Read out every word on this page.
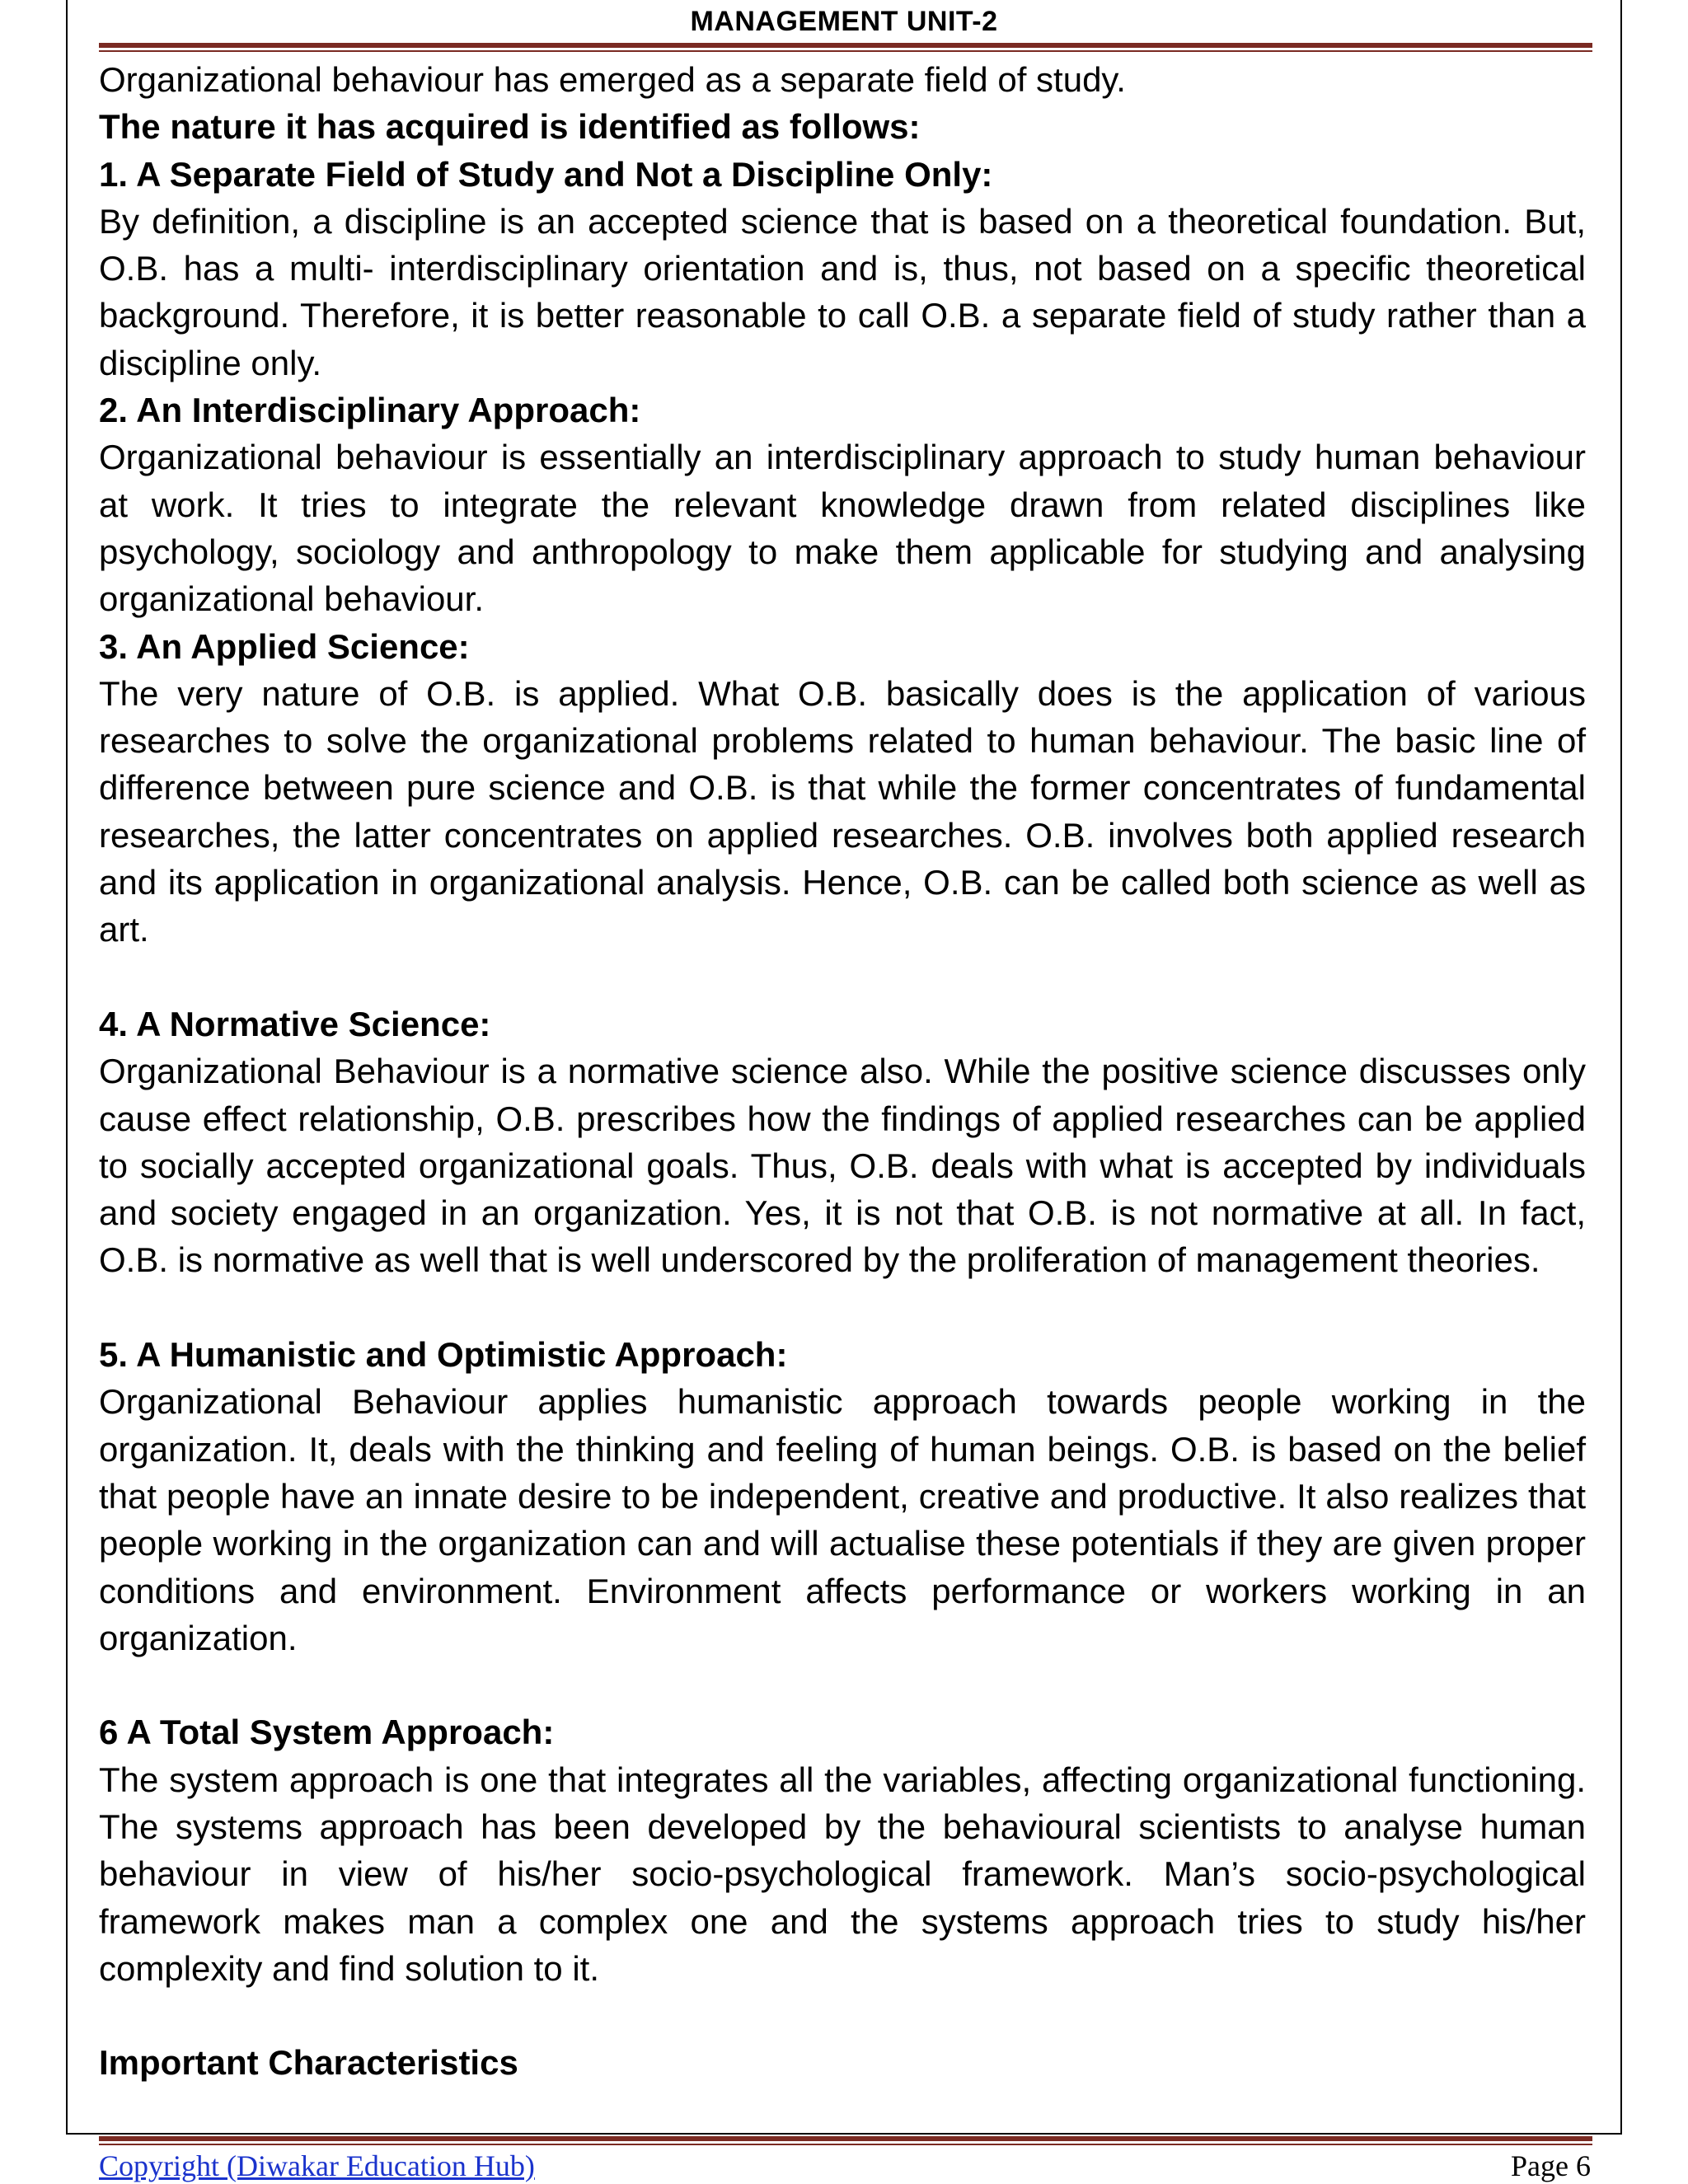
MANAGEMENT UNIT-2

Organizational behaviour has emerged as a separate field of study.

The nature it has acquired is identified as follows:
1. A Separate Field of Study and Not a Discipline Only:

By definition, a discipline is an accepted science that is based on a theoretical foundation. But, O.B. has a multi- interdisciplinary orientation and is, thus, not based on a specific theoretical background. Therefore, it is better reasonable to call O.B. a separate field of study rather than a discipline only.

2. An Interdisciplinary Approach:

Organizational behaviour is essentially an interdisciplinary approach to study human behaviour at work. It tries to integrate the relevant knowledge drawn from related disciplines like psychology, sociology and anthropology to make them applicable for studying and analysing organizational behaviour.

3. An Applied Science:

The very nature of O.B. is applied. What O.B. basically does is the application of various researches to solve the organizational problems related to human behaviour. The basic line of difference between pure science and O.B. is that while the former concentrates of fundamental researches, the latter concentrates on applied researches. O.B. involves both applied research and its application in organizational analysis. Hence, O.B. can be called both science as well as art.

4. A Normative Science:

Organizational Behaviour is a normative science also. While the positive science discusses only cause effect relationship, O.B. prescribes how the findings of applied researches can be applied to socially accepted organizational goals. Thus, O.B. deals with what is accepted by individuals and society engaged in an organization. Yes, it is not that O.B. is not normative at all. In fact, O.B. is normative as well that is well underscored by the proliferation of management theories.

5. A Humanistic and Optimistic Approach:

Organizational Behaviour applies humanistic approach towards people working in the organization. It, deals with the thinking and feeling of human beings. O.B. is based on the belief that people have an innate desire to be independent, creative and productive. It also realizes that people working in the organization can and will actualise these potentials if they are given proper conditions and environment. Environment affects performance or workers working in an organization.

6 A Total System Approach:

The system approach is one that integrates all the variables, affecting organizational functioning. The systems approach has been developed by the behavioural scientists to analyse human behaviour in view of his/her socio-psychological framework. Man’s socio-psychological framework makes man a complex one and the systems approach tries to study his/her complexity and find solution to it.

Important Characteristics
Copyright (Diwakar Education Hub)	Page 6
